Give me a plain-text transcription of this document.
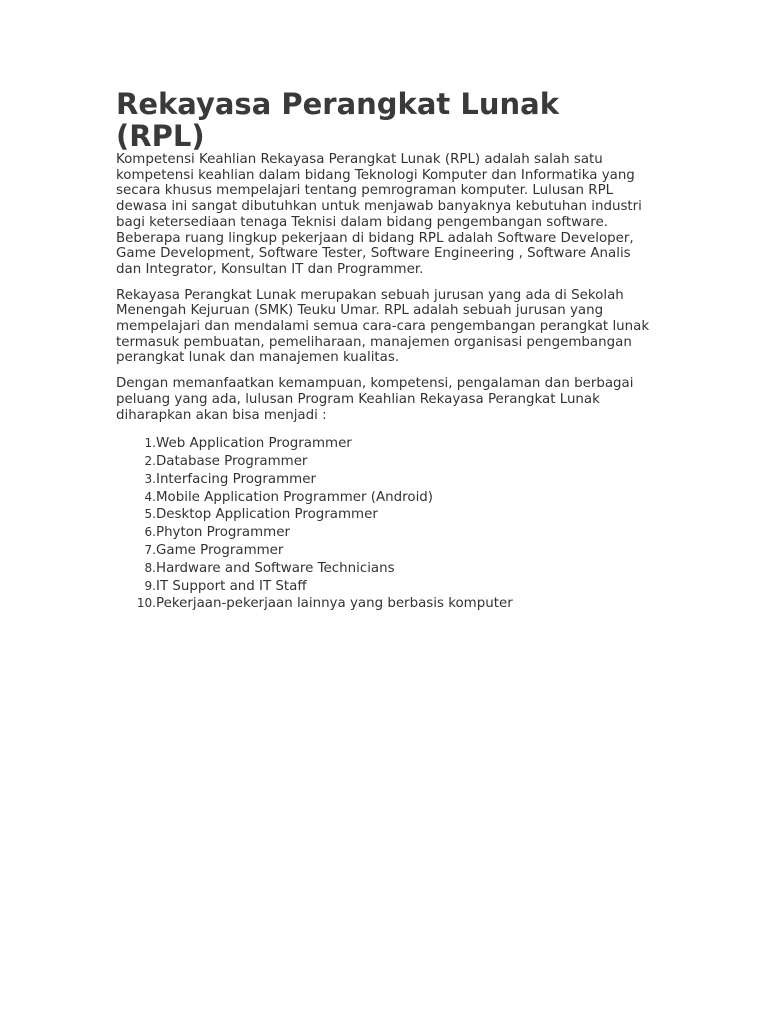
Rekayasa Perangkat Lunak (RPL)

Kompetensi Keahlian Rekayasa Perangkat Lunak (RPL) adalah salah satu kompetensi keahlian dalam bidang Teknologi Komputer dan Informatika yang secara khusus mempelajari tentang pemrograman komputer. Lulusan RPL dewasa ini sangat dibutuhkan untuk menjawab banyaknya kebutuhan industri bagi ketersediaan tenaga Teknisi dalam bidang pengembangan software. Beberapa ruang lingkup pekerjaan di bidang RPL adalah Software Developer, Game Development, Software Tester, Software Engineering , Software Analis dan Integrator, Konsultan IT dan Programmer.

Rekayasa Perangkat Lunak merupakan sebuah jurusan yang ada di Sekolah Menengah Kejuruan (SMK) Teuku Umar. RPL adalah sebuah jurusan yang mempelajari dan mendalami semua cara-cara pengembangan perangkat lunak termasuk pembuatan, pemeliharaan, manajemen organisasi pengembangan perangkat lunak dan manajemen kualitas.

Dengan memanfaatkan kemampuan, kompetensi, pengalaman dan berbagai peluang yang ada, lulusan Program Keahlian Rekayasa Perangkat Lunak diharapkan akan bisa menjadi :

1. Web Application Programmer
2. Database Programmer
3. Interfacing Programmer
4. Mobile Application Programmer (Android)
5. Desktop Application Programmer
6. Phyton Programmer
7. Game Programmer
8. Hardware and Software Technicians
9. IT Support and IT Staff
10. Pekerjaan-pekerjaan lainnya yang berbasis komputer
